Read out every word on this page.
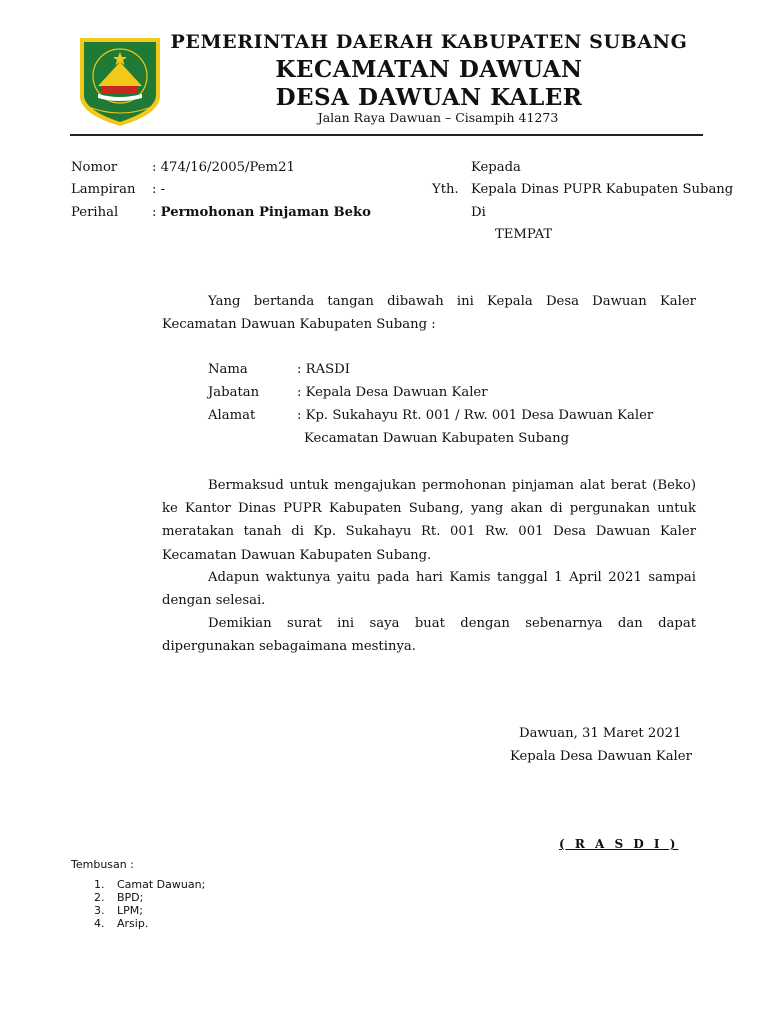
PEMERINTAH DAERAH KABUPATEN SUBANG
KECAMATAN DAWUAN
DESA DAWUAN KALER
Jalan Raya Dawuan – Cisampih 41273
Nomor	: 474/16/2005/Pem21
Lampiran : -
Perihal	: Permohonan Pinjaman Beko
Kepada
Yth. Kepala Dinas PUPR Kabupaten Subang
Di
TEMPAT
Yang bertanda tangan dibawah ini Kepala Desa Dawuan Kaler Kecamatan Dawuan Kabupaten Subang :
Nama	: RASDI
Jabatan	: Kepala Desa Dawuan Kaler
Alamat	: Kp. Sukahayu Rt. 001 / Rw. 001 Desa Dawuan Kaler
Kecamatan Dawuan Kabupaten Subang
Bermaksud untuk mengajukan permohonan pinjaman alat berat (Beko) ke Kantor Dinas PUPR Kabupaten Subang, yang akan di pergunakan untuk meratakan tanah di Kp. Sukahayu Rt. 001 Rw. 001 Desa Dawuan Kaler Kecamatan Dawuan Kabupaten Subang.
Adapun waktunya yaitu pada hari Kamis tanggal 1 April 2021 sampai dengan selesai.
Demikian surat ini saya buat dengan sebenarnya dan dapat dipergunakan sebagaimana mestinya.
Dawuan, 31 Maret 2021
Kepala Desa Dawuan Kaler
( R A S D I )
Tembusan :
1. Camat Dawuan;
2. BPD;
3. LPM;
4. Arsip.
